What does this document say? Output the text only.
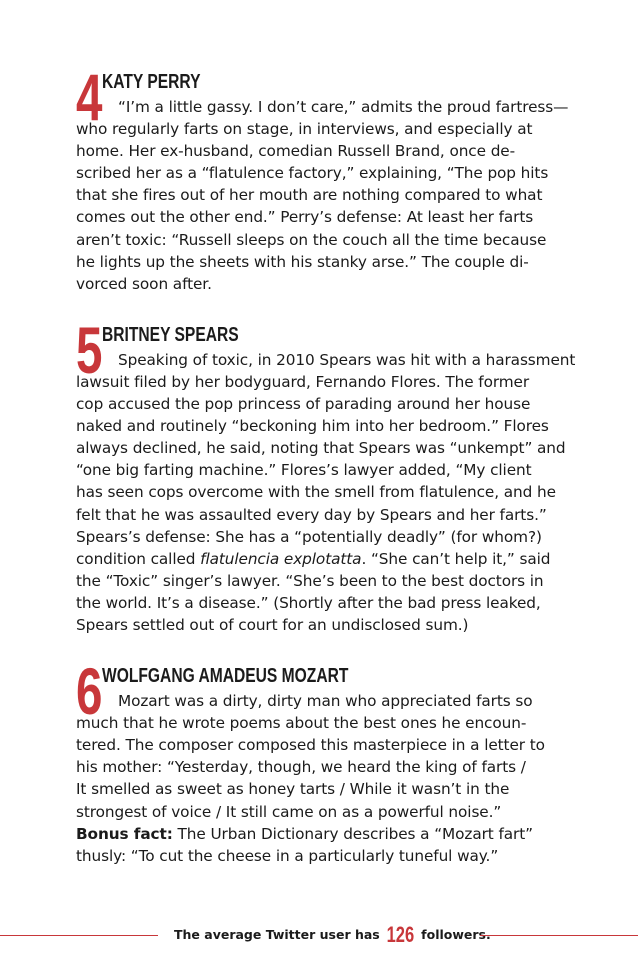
4 KATY PERRY
“I’m a little gassy. I don’t care,” admits the proud fartress—
who regularly farts on stage, in interviews, and especially at
home. Her ex-husband, comedian Russell Brand, once de-
scribed her as a “flatulence factory,” explaining, “The pop hits
that she fires out of her mouth are nothing compared to what
comes out the other end.” Perry’s defense: At least her farts
aren’t toxic: “Russell sleeps on the couch all the time because
he lights up the sheets with his stanky arse.” The couple di-
vorced soon after.
5 BRITNEY SPEARS
Speaking of toxic, in 2010 Spears was hit with a harassment
lawsuit filed by her bodyguard, Fernando Flores. The former
cop accused the pop princess of parading around her house
naked and routinely “beckoning him into her bedroom.” Flores
always declined, he said, noting that Spears was “unkempt” and
“one big farting machine.” Flores’s lawyer added, “My client
has seen cops overcome with the smell from flatulence, and he
felt that he was assaulted every day by Spears and her farts.”
Spears’s defense: She has a “potentially deadly” (for whom?)
condition called flatulencia explotatta. “She can’t help it,” said
the “Toxic” singer’s lawyer. “She’s been to the best doctors in
the world. It’s a disease.” (Shortly after the bad press leaked,
Spears settled out of court for an undisclosed sum.)
6 WOLFGANG AMADEUS MOZART
Mozart was a dirty, dirty man who appreciated farts so
much that he wrote poems about the best ones he encoun-
tered. The composer composed this masterpiece in a letter to
his mother: “Yesterday, though, we heard the king of farts /
It smelled as sweet as honey tarts / While it wasn’t in the
strongest of voice / It still came on as a powerful noise.”
Bonus fact: The Urban Dictionary describes a “Mozart fart”
thusly: “To cut the cheese in a particularly tuneful way.”
The average Twitter user has 126 followers.
